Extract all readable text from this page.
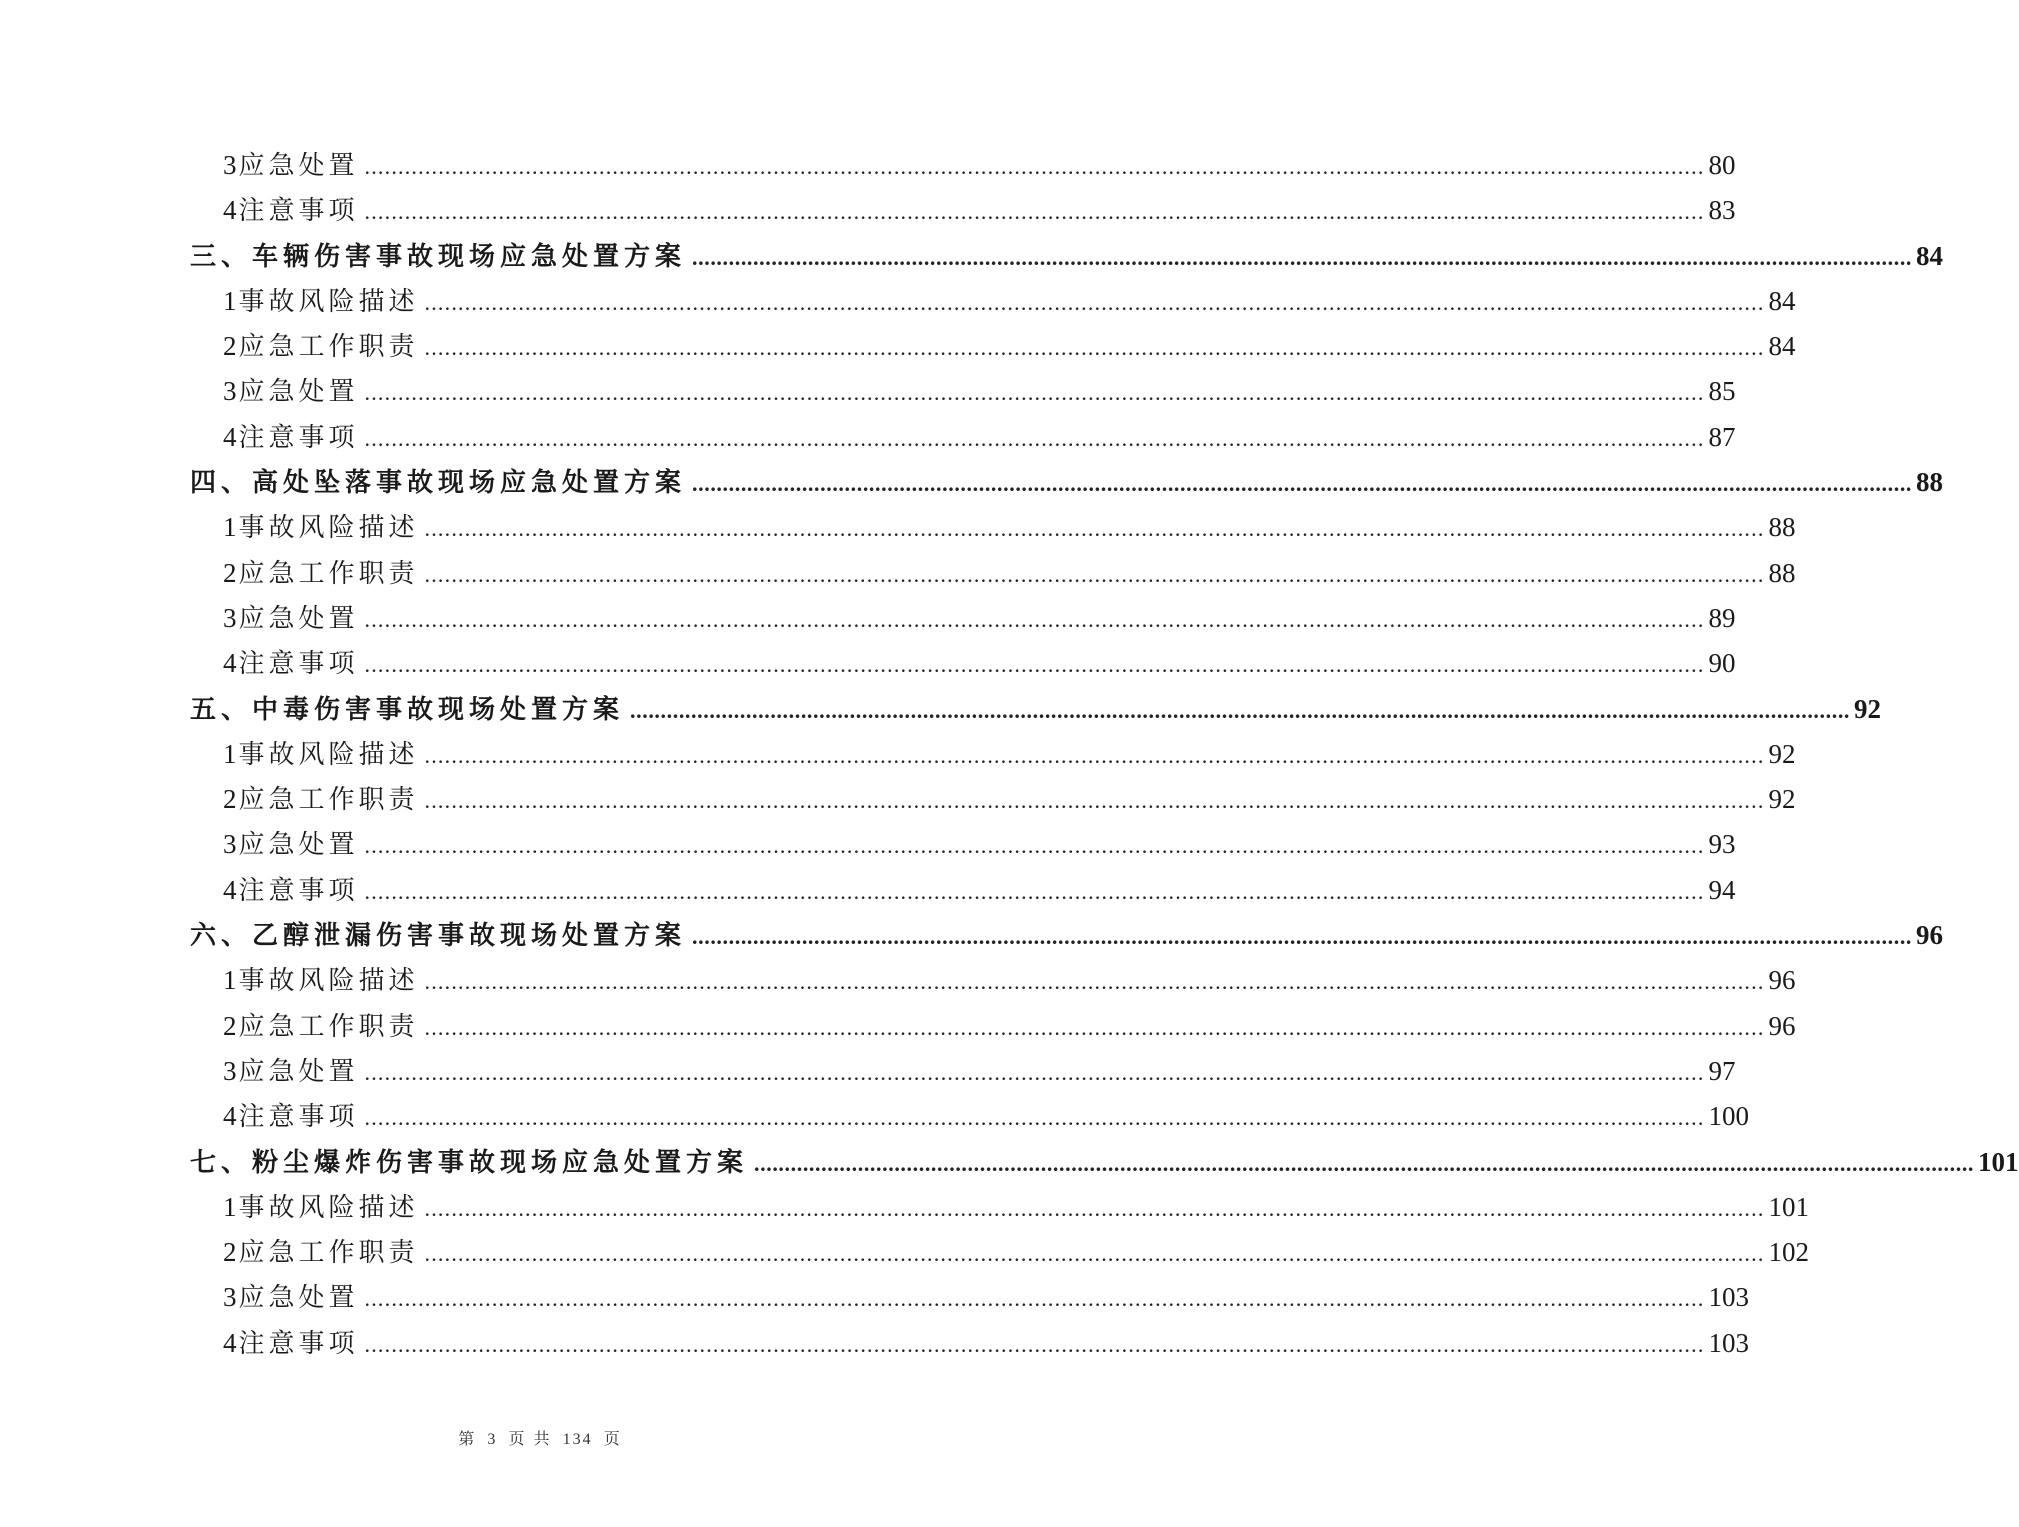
3应急处置 ........................................................................................................................................................................................................ 80
4注意事项 ........................................................................................................................................................................................................ 83
三、车辆伤害事故现场应急处置方案 ........................................................................................................................................................................................................ 84
1事故风险描述 ........................................................................................................................................................................................................ 84
2应急工作职责 ........................................................................................................................................................................................................ 84
3应急处置 ........................................................................................................................................................................................................ 85
4注意事项 ........................................................................................................................................................................................................ 87
四、高处坠落事故现场应急处置方案 ........................................................................................................................................................................................................ 88
1事故风险描述 ........................................................................................................................................................................................................ 88
2应急工作职责 ........................................................................................................................................................................................................ 88
3应急处置 ........................................................................................................................................................................................................ 89
4注意事项 ........................................................................................................................................................................................................ 90
五、中毒伤害事故现场处置方案 ........................................................................................................................................................................................................ 92
1事故风险描述 ........................................................................................................................................................................................................ 92
2应急工作职责 ........................................................................................................................................................................................................ 92
3应急处置 ........................................................................................................................................................................................................ 93
4注意事项 ........................................................................................................................................................................................................ 94
六、乙醇泄漏伤害事故现场处置方案 ........................................................................................................................................................................................................ 96
1事故风险描述 ........................................................................................................................................................................................................ 96
2应急工作职责 ........................................................................................................................................................................................................ 96
3应急处置 ........................................................................................................................................................................................................ 97
4注意事项 ........................................................................................................................................................................................................ 100
七、粉尘爆炸伤害事故现场应急处置方案 ........................................................................................................................................................................................................ 101
1事故风险描述 ........................................................................................................................................................................................................ 101
2应急工作职责 ........................................................................................................................................................................................................ 102
3应急处置 ........................................................................................................................................................................................................ 103
4注意事项 ........................................................................................................................................................................................................ 103
第 3 页 共 134 页
